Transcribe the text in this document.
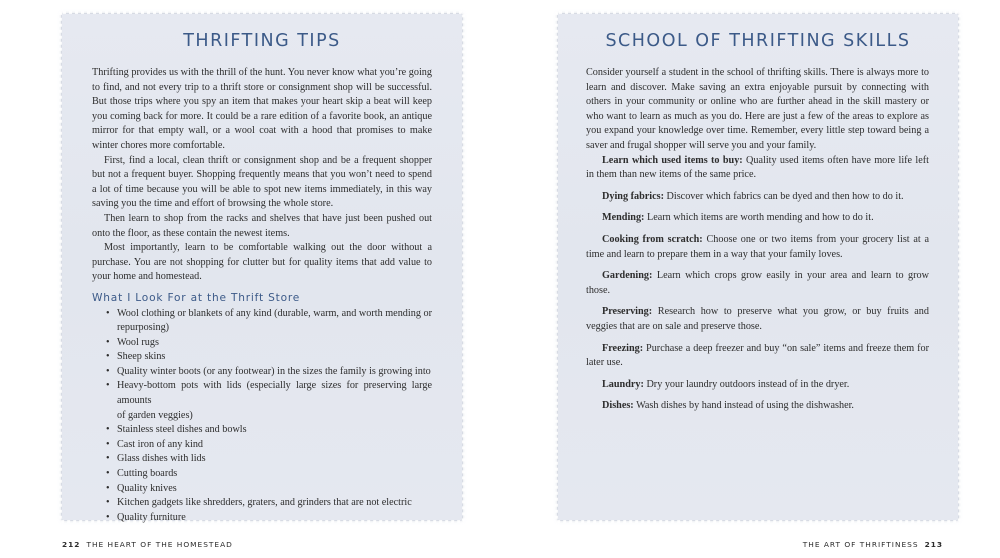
THRIFTING TIPS

Thrifting provides us with the thrill of the hunt. You never know what you’re going to find, and not every trip to a thrift store or consignment shop will be successful. But those trips where you spy an item that makes your heart skip a beat will keep you coming back for more. It could be a rare edition of a favorite book, an antique mirror for that empty wall, or a wool coat with a hood that promises to make winter chores more comfortable.

First, find a local, clean thrift or consignment shop and be a frequent shopper but not a frequent buyer. Shopping frequently means that you won’t need to spend a lot of time because you will be able to spot new items immediately, in this way saving you the time and effort of browsing the whole store.

Then learn to shop from the racks and shelves that have just been pushed out onto the floor, as these contain the newest items.

Most importantly, learn to be comfortable walking out the door without a purchase. You are not shopping for clutter but for quality items that add value to your home and homestead.

What I Look For at the Thrift Store
• Wool clothing or blankets of any kind (durable, warm, and worth mending or repurposing)
• Wool rugs
• Sheep skins
• Quality winter boots (or any footwear) in the sizes the family is growing into
• Heavy-bottom pots with lids (especially large sizes for preserving large amounts
of garden veggies)
• Stainless steel dishes and bowls
• Cast iron of any kind
• Glass dishes with lids
• Cutting boards
• Quality knives
• Kitchen gadgets like shredders, graters, and grinders that are not electric
• Quality furniture
212 THE HEART OF THE HOMESTEAD
SCHOOL OF THRIFTING SKILLS

Consider yourself a student in the school of thrifting skills. There is always more to learn and discover. Make saving an extra enjoyable pursuit by connecting with others in your community or online who are further ahead in the skill mastery or who want to learn as much as you do. Here are just a few of the areas to explore as you expand your knowledge over time. Remember, every little step toward being a saver and frugal shopper will serve you and your family.

Learn which used items to buy: Quality used items often have more life left in them than new items of the same price.

Dying fabrics: Discover which fabrics can be dyed and then how to do it.

Mending: Learn which items are worth mending and how to do it.

Cooking from scratch: Choose one or two items from your grocery list at a time and learn to prepare them in a way that your family loves.

Gardening: Learn which crops grow easily in your area and learn to grow those.

Preserving: Research how to preserve what you grow, or buy fruits and veggies that are on sale and preserve those.

Freezing: Purchase a deep freezer and buy “on sale” items and freeze them for later use.

Laundry: Dry your laundry outdoors instead of in the dryer.

Dishes: Wash dishes by hand instead of using the dishwasher.

THE ART OF THRIFTINESS 213
